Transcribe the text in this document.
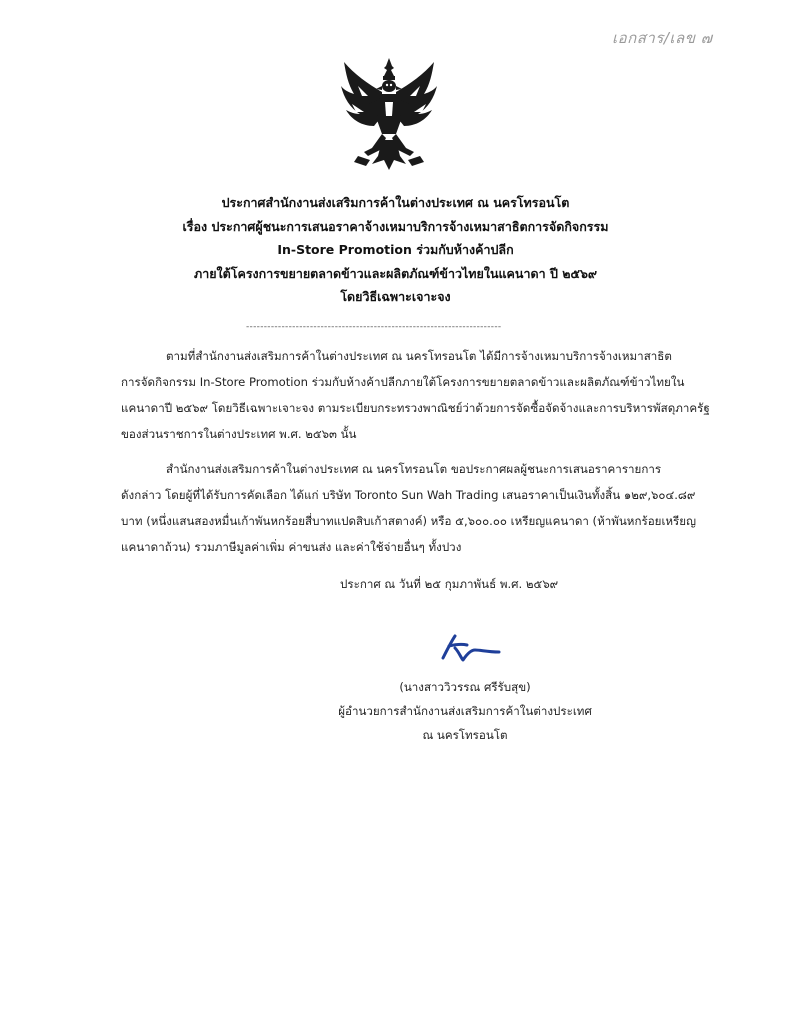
เอกสาร/เลข ๗
ประกาศสำนักงานส่งเสริมการค้าในต่างประเทศ ณ นครโทรอนโต
เรื่อง ประกาศผู้ชนะการเสนอราคาจ้างเหมาบริการจ้างเหมาสาธิตการจัดกิจกรรม
In-Store Promotion ร่วมกับห้างค้าปลีก
ภายใต้โครงการขยายตลาดข้าวและผลิตภัณฑ์ข้าวไทยในแคนาดา ปี ๒๕๖๙
โดยวิธีเฉพาะเจาะจง
------------------------------------------------------------------------
ตามที่สำนักงานส่งเสริมการค้าในต่างประเทศ ณ นครโทรอนโต ได้มีการจ้างเหมาบริการจ้างเหมาสาธิต
การจัดกิจกรรม In-Store Promotion ร่วมกับห้างค้าปลีกภายใต้โครงการขยายตลาดข้าวและผลิตภัณฑ์ข้าวไทยใน
แคนาดาปี ๒๕๖๙ โดยวิธีเฉพาะเจาะจง ตามระเบียบกระทรวงพาณิชย์ว่าด้วยการจัดซื้อจัดจ้างและการบริหารพัสดุภาครัฐ
ของส่วนราชการในต่างประเทศ พ.ศ. ๒๕๖๓ นั้น
สำนักงานส่งเสริมการค้าในต่างประเทศ ณ นครโทรอนโต ขอประกาศผลผู้ชนะการเสนอราคารายการ
ดังกล่าว โดยผู้ที่ได้รับการคัดเลือก ได้แก่ บริษัท Toronto Sun Wah Trading เสนอราคาเป็นเงินทั้งสิ้น ๑๒๙,๖๐๔.๘๙
บาท (หนึ่งแสนสองหมื่นเก้าพันหกร้อยสี่บาทแปดสิบเก้าสตางค์) หรือ ๕,๖๐๐.๐๐ เหรียญแคนาดา (ห้าพันหกร้อยเหรียญ
แคนาดาถ้วน) รวมภาษีมูลค่าเพิ่ม ค่าขนส่ง และค่าใช้จ่ายอื่นๆ ทั้งปวง
ประกาศ ณ วันที่ ๒๕ กุมภาพันธ์ พ.ศ. ๒๕๖๙
(นางสาววิวรรณ ศรีรับสุข)
ผู้อำนวยการสำนักงานส่งเสริมการค้าในต่างประเทศ
ณ นครโทรอนโต
